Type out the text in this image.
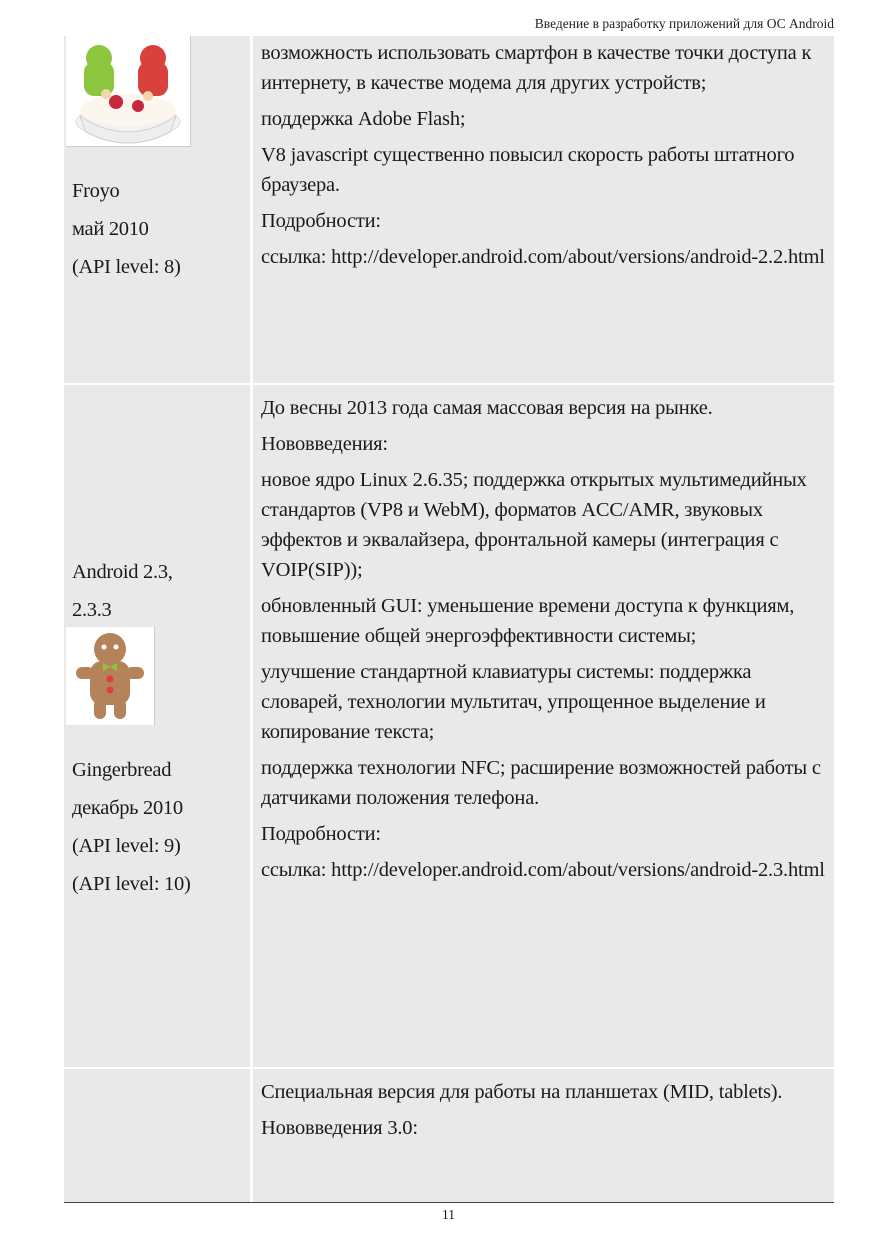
Введение в разработку приложений для ОС Android
Froyo
май 2010
(API level: 8)

возможность использовать смартфон в качестве точки доступа к интернету, в качестве модема для других устройств;

поддержка Adobe Flash;

V8 javascript существенно повысил скорость работы штатного браузера.

Подробности:

ссылка: http://developer.android.com/about/versions/android-2.2.html

Android 2.3,
2.3.3
Gingerbread
декабрь 2010
(API level: 9)
(API level: 10)

До весны 2013 года самая массовая версия на рынке.

Нововведения:

новое ядро Linux 2.6.35; поддержка открытых мультимедийных стандартов (VP8 и WebM), форматов ACC/AMR, звуковых эффектов и эквалайзера, фронтальной камеры (интеграция с VOIP(SIP));

обновленный GUI: уменьшение времени доступа к функциям, повышение общей энергоэффективности системы;

улучшение стандартной клавиатуры системы: поддержка словарей, технологии мультитач, упрощенное выделение и копирование текста;

поддержка технологии NFC; расширение возможностей работы с датчиками положения телефона.

Подробности:

ссылка: http://developer.android.com/about/versions/android-2.3.html

Специальная версия для работы на планшетах (MID, tablets).

Нововведения 3.0:

11
